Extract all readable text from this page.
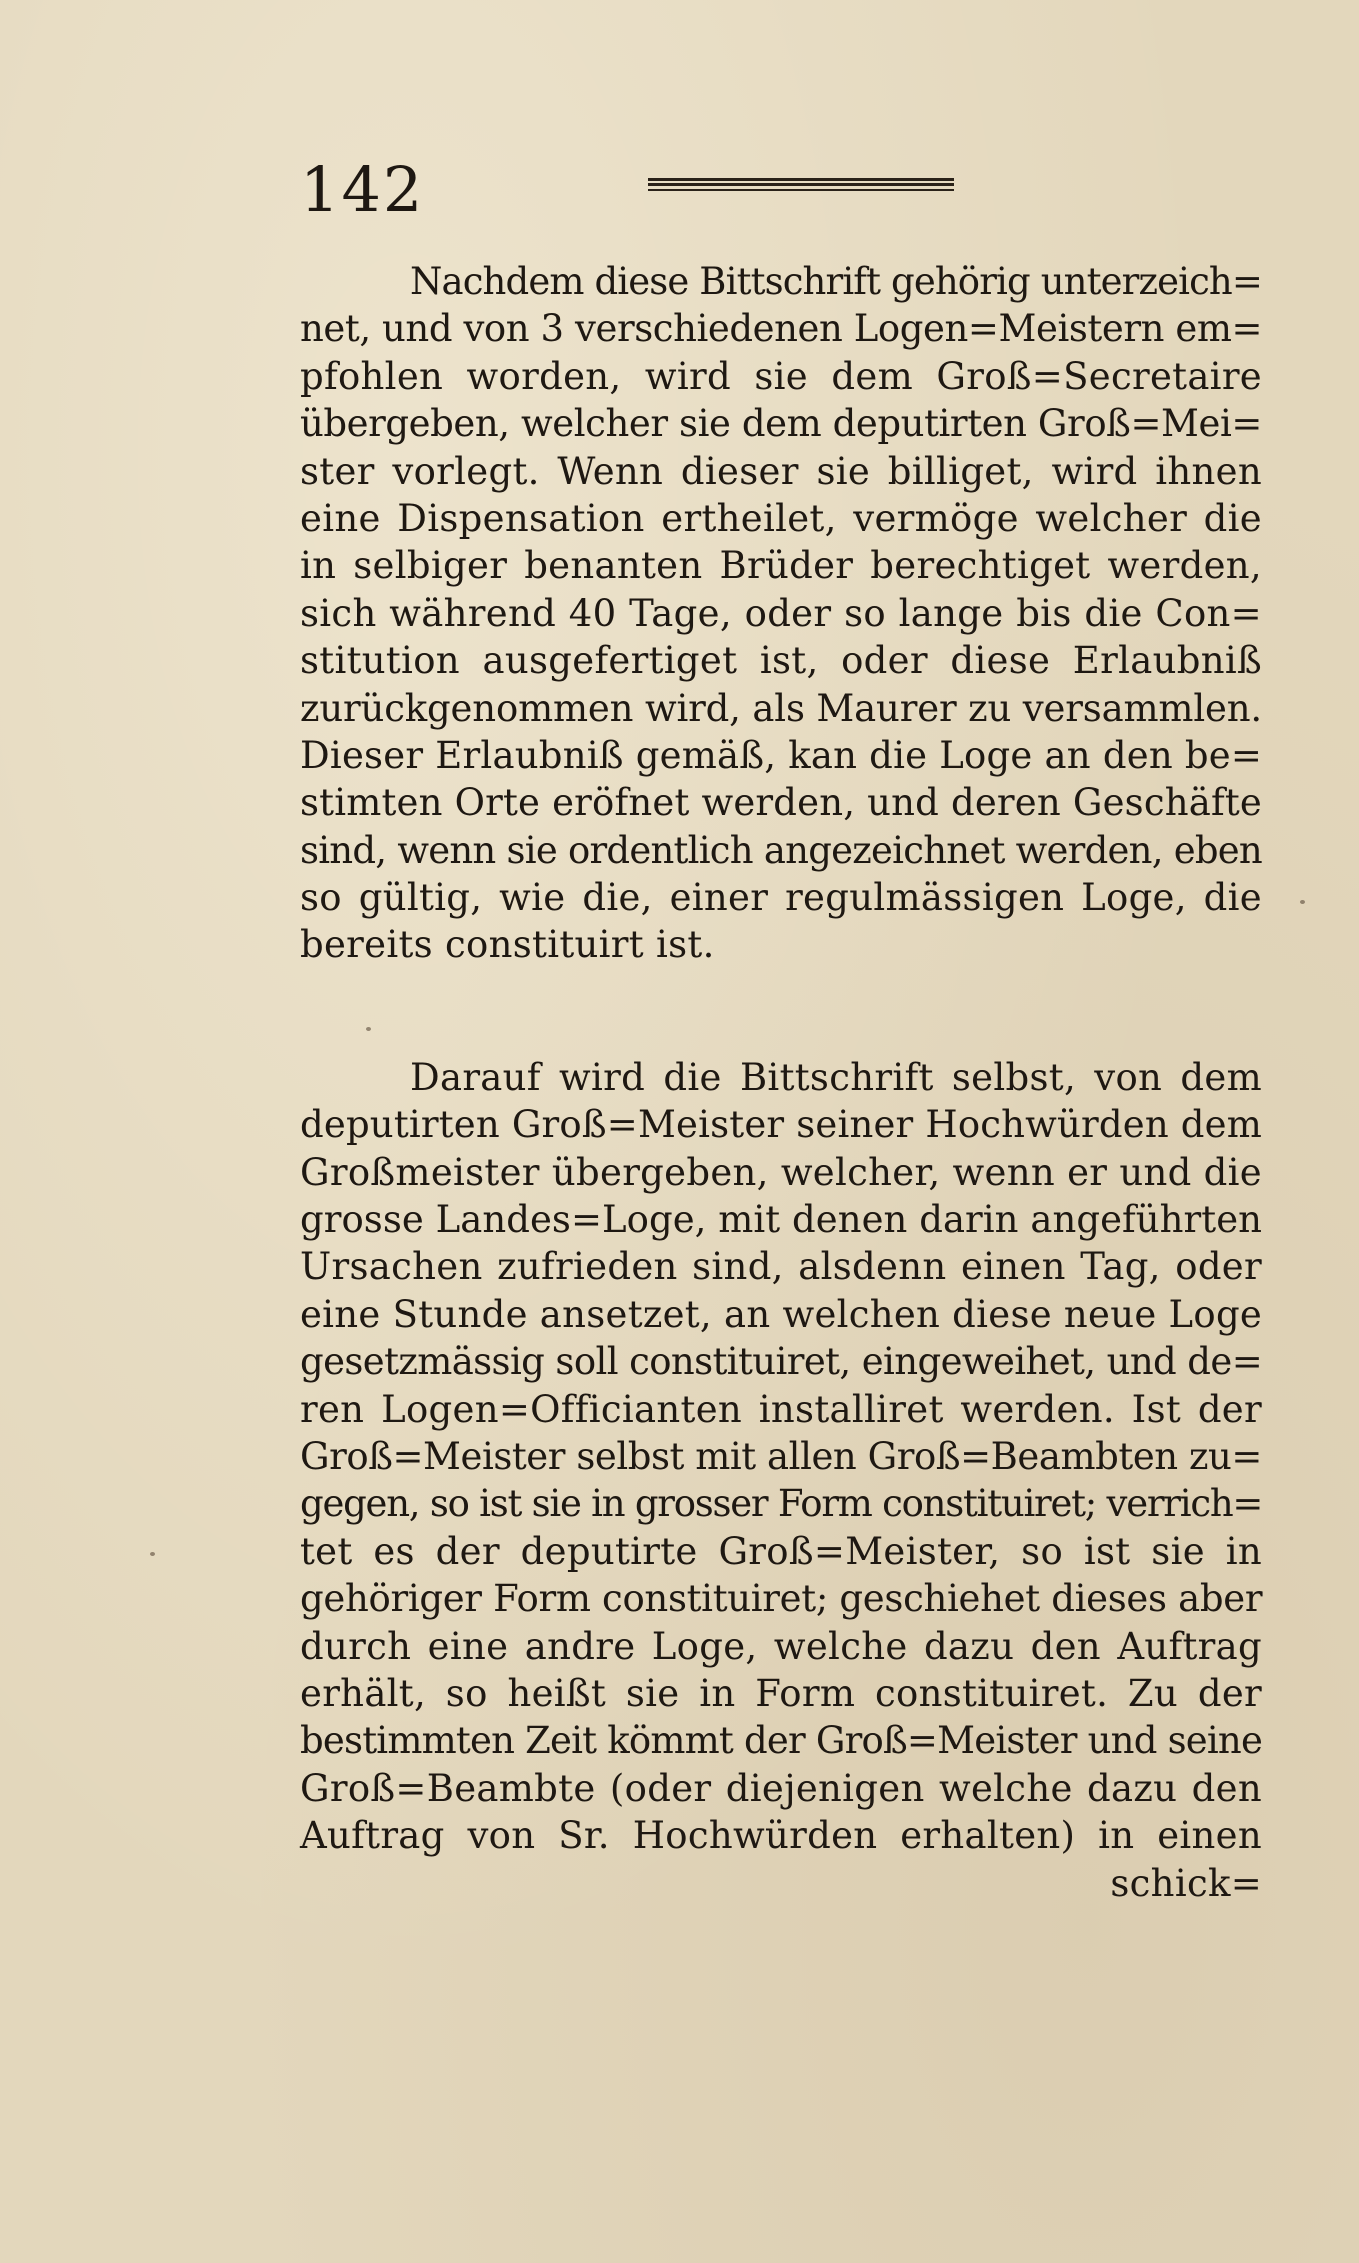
142
Nachdem diese Bittschrift gehörig unterzeich=
net, und von 3 verschiedenen Logen=Meistern em=
pfohlen worden, wird sie dem Groß=Secretaire
übergeben, welcher sie dem deputirten Groß=Mei=
ster vorlegt. Wenn dieser sie billiget, wird ihnen
eine Dispensation ertheilet, vermöge welcher die
in selbiger benanten Brüder berechtiget werden,
sich während 40 Tage, oder so lange bis die Con=
stitution ausgefertiget ist, oder diese Erlaubniß
zurückgenommen wird, als Maurer zu versammlen.
Dieser Erlaubniß gemäß, kan die Loge an den be=
stimten Orte eröfnet werden, und deren Geschäfte
sind, wenn sie ordentlich angezeichnet werden, eben
so gültig, wie die, einer regulmässigen Loge, die
bereits constituirt ist.
Darauf wird die Bittschrift selbst, von dem
deputirten Groß=Meister seiner Hochwürden dem
Großmeister übergeben, welcher, wenn er und die
grosse Landes=Loge, mit denen darin angeführten
Ursachen zufrieden sind, alsdenn einen Tag, oder
eine Stunde ansetzet, an welchen diese neue Loge
gesetzmässig soll constituiret, eingeweihet, und de=
ren Logen=Officianten installiret werden. Ist der
Groß=Meister selbst mit allen Groß=Beambten zu=
gegen, so ist sie in grosser Form constituiret; verrich=
tet es der deputirte Groß=Meister, so ist sie in
gehöriger Form constituiret; geschiehet dieses aber
durch eine andre Loge, welche dazu den Auftrag
erhält, so heißt sie in Form constituiret. Zu der
bestimmten Zeit kömmt der Groß=Meister und seine
Groß=Beambte (oder diejenigen welche dazu den
Auftrag von Sr. Hochwürden erhalten) in einen
schick=
